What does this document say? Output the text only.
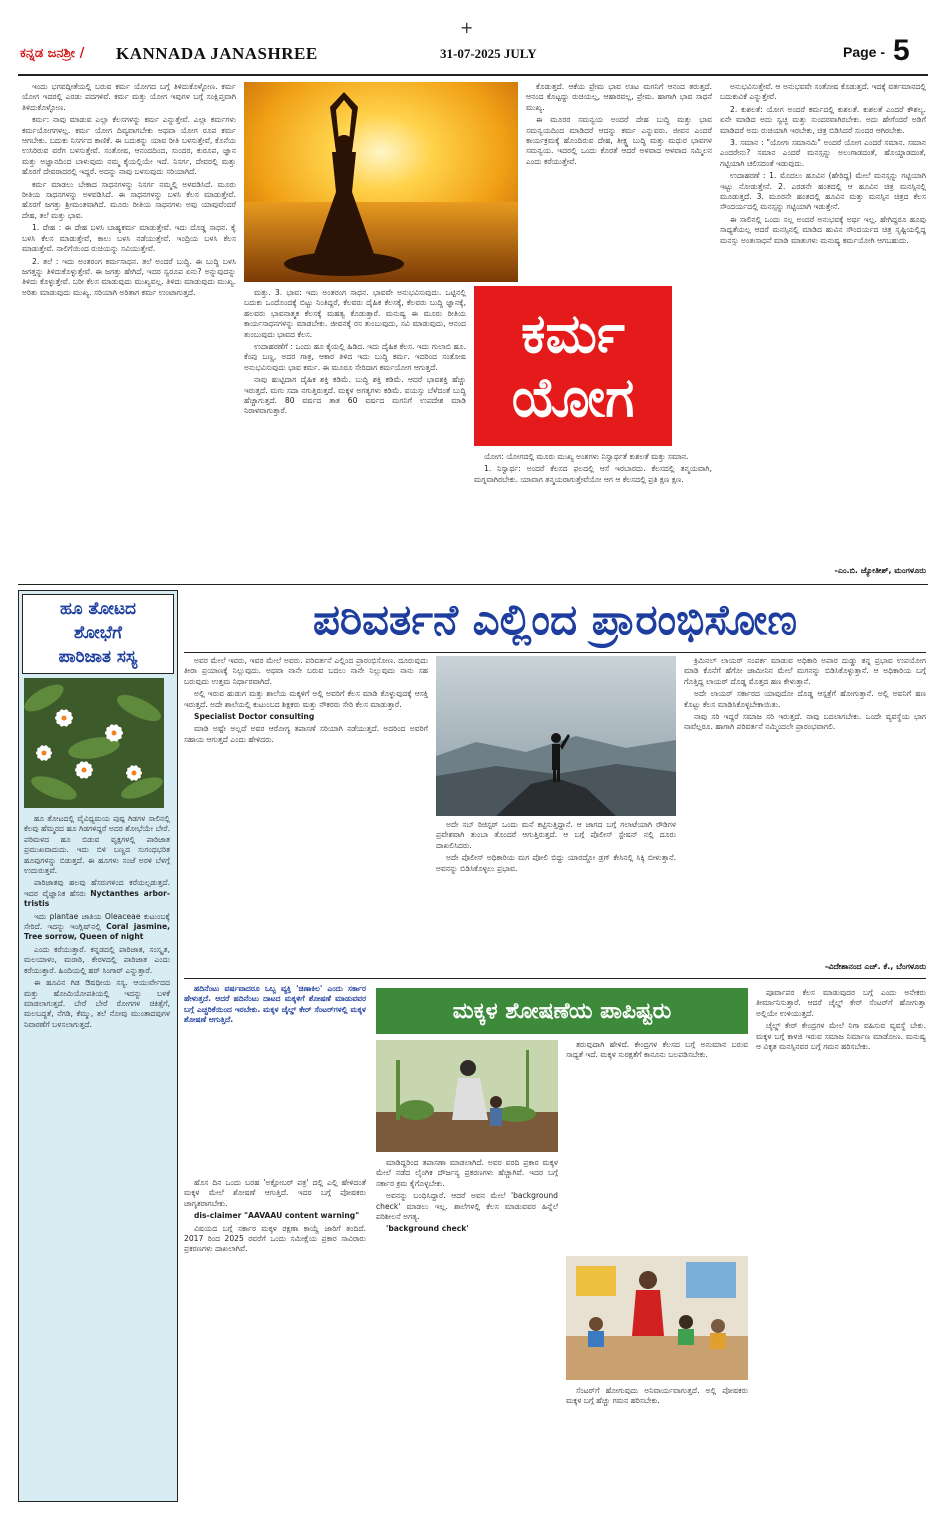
+
ಕನ್ನಡ ಜನಶ್ರೀ / KANNADA JANASHREE	31-07-2025 JULY	Page - 5

ಇಂದು ಭಗವದ್ಗೀತೆಯಲ್ಲಿ ಬರುವ ಕರ್ಮ ಯೋಗದ ಬಗ್ಗೆ ತಿಳಿದುಕೊಳ್ಳೋಣ. ಕರ್ಮ ಯೋಗ ಇದರಲ್ಲಿ ಎರಡು ಪದಗಳಿವೆ. ಕರ್ಮ ಮತ್ತು ಯೋಗ ಇವುಗಳ ಬಗ್ಗೆ ಸಂಕ್ಷಿಪ್ತವಾಗಿ ತಿಳಿದುಕೊಳ್ಳೋಣ.

ಕರ್ಮ: ನಾವು ಮಾಡುವ ಎಲ್ಲಾ ಕೆಲಸಗಳನ್ನು ಕರ್ಮ ಎನ್ನುತ್ತೇವೆ. ಎಲ್ಲಾ ಕರ್ಮಗಳು ಕರ್ಮಯೋಗಗಳಲ್ಲ. ಕರ್ಮ ಯೋಗ ದಿವ್ಯವಾಗಬೇಕು ಅಥವಾ ಯೋಗ ರೂಪ ಕರ್ಮ ಆಗಬೇಕು. ಬದುಕು ನಿಸರ್ಗದ ಕಾಣಿಕೆ. ಈ ಬದುಕನ್ನು ಯಾವ ರೀತಿ ಬಳಸುತ್ತೇವೆ, ಕೊನೆಯ ಉಸಿರಿರುವ ವರೆಗ ಬಳಸುತ್ತೇವೆ. ಸಂತೋಷ, ಆನಂದದಿಂದ, ಸುಂದರ, ಕುರೂಪ, ಜ್ಞಾನ ಮತ್ತು ಅಜ್ಞಾನದಿಂದ ಬಾಳುವುದು ನಮ್ಮ ಕೈಯಲ್ಲಿಯೇ ಇದೆ. ನಿಸರ್ಗ, ದೇವರಲ್ಲಿ ಮತ್ತು ಹೊರಗೆ ದೇವರಾದರಲ್ಲಿ ಇದ್ದರೆ. ಅದನ್ನು ನಾವು ಬಳಸುವುದು ಸರಿಯಾಗಿದೆ.

ಕರ್ಮ ಮಾಡಲು ಬೇಕಾದ ಸಾಧನಗಳನ್ನು ನಿಸರ್ಗ ನಮ್ಮಲ್ಲಿ ಅಳವಡಿಸಿದೆ. ಮೂರು ರೀತಿಯ ಸಾಧನಗಳನ್ನು ಅಳವಡಿಸಿದೆ. ಈ ಸಾಧನಗಳನ್ನು ಬಳಸಿ ಕೆಲಸ ಮಾಡುತ್ತೇವೆ. ಹೊರಗೆ ಜಗತ್ತು ಶ್ರೀಮಂತವಾಗಿದೆ. ಮೂರು ರೀತಿಯ ಸಾಧನಗಳು ಅವು ಯಾವುವೆಂದರೆ ದೇಹ, ತಲೆ ಮತ್ತು ಭಾವ.

1. ದೇಹ : ಈ ದೇಹ ಬಳಸಿ ಬಾಹ್ಯಕರ್ಮ ಮಾಡುತ್ತೇವೆ. ಇದು ದೊಡ್ಡ ಸಾಧನ. ಕೈ ಬಳಸಿ ಕೆಲಸ ಮಾಡುತ್ತೇವೆ, ಕಾಲು ಬಳಸಿ ನಡೆಯುತ್ತೇವೆ. ಇಂದ್ರಿಯ ಬಳಸಿ ಕೆಲಸ ಮಾಡುತ್ತೇವೆ. ನಾಲಿಗೆಯಿಂದ ರುಚಿಯನ್ನು ಸವಿಯುತ್ತೇವೆ.

2. ತಲೆ : ಇದು ಅಂತರಂಗ ಕರ್ಮಸಾಧನ. ತಲೆ ಅಂದರೆ ಬುದ್ಧಿ. ಈ ಬುದ್ಧಿ ಬಳಸಿ ಜಗತ್ತನ್ನು ತಿಳಿದುಕೊಳ್ಳುತ್ತೇವೆ. ಈ ಜಗತ್ತು ಹೇಗಿದೆ, ಇದರ ಸ್ವರೂಪ ಏನು? ಅನ್ನುವುದನ್ನು ತಿಳಿದು ಕೊಳ್ಳುತ್ತೇವೆ. ಬರೀ ಕೆಲಸ ಮಾಡುವುದು ಮುಖ್ಯವಲ್ಲ. ತಿಳಿದು ಮಾಡುವುದು ಮುಖ್ಯ. ಅರಿತು ಮಾಡುವುದು ಮುಖ್ಯ. ಸರಿಯಾಗಿ ಅರಿತಾಗ ಕರ್ಮ ಉಂಟಾಗುತ್ತದೆ.	ಮತ್ತು. 3. ಭಾವ: ಇದು ಅಂತರಂಗ ಸಾಧನ. ಭಾವವೇ ಅನುಭವಿಸುವುದು. ಒಟ್ಟಿನಲ್ಲಿ ಬದುಕು ಒಂದೊಂದಕ್ಕೆ ಬಿಟ್ಟು ನಿಂತಿದ್ದರೆ, ಕೆಲವರು ದೈಹಿಕ ಕೆಲಸಕ್ಕೆ, ಕೆಲವರು ಬುದ್ಧಿ ಜ್ಞಾನಕ್ಕೆ, ಹಲವರು ಭಾವನಾತ್ಮಕ ಕೆಲಸಕ್ಕೆ ಮಹತ್ವ ಕೊಡುತ್ತಾರೆ. ಮನುಷ್ಯ ಈ ಮೂರು ರೀತಿಯ ಕಾರ್ಯಸಾಧನಗಳನ್ನು ಮಾಡಬೇಕು. ಜೀವನಕ್ಕೆ ರಸ ತುಂಬುವುದು, ಸವಿ ಮಾಡುವುದು, ಆನಂದ ತುಂಬುವುದು ಭಾವದ ಕೆಲಸ.

ಉದಾಹರಣೆಗೆ : ಒಂದು ಹೂ ಕೈಯಲ್ಲಿ ಹಿಡಿದ. ಇದು ದೈಹಿಕ ಕೆಲಸ. ಇದು ಗುಲಾಬಿ ಹೂ. ಕೆಂಪು ಬಣ್ಣ, ಅದರ ಗಾತ್ರ, ಆಕಾರ ತಿಳಿದ ಇದು ಬುದ್ಧಿ ಕರ್ಮ. ಇದರಿಂದ ಸಂತೋಷ ಅನುಭವಿಸುವುದು ಭಾವ ಕರ್ಮ. ಈ ಮೂರೂ ಸೇರಿದಾಗ ಕರ್ಮಯೋಗ ಆಗುತ್ತದೆ.

ನಾವು ಹುಟ್ಟಿದಾಗ ದೈಹಿಕ ಶಕ್ತಿ ಕಡಿಮೆ. ಬುದ್ಧಿ ಶಕ್ತಿ ಕಡಿಮೆ. ಆದರೆ ಭಾವಶಕ್ತಿ ಹೆಚ್ಚು ಇರುತ್ತದೆ. ಮಗು ಸದಾ ನಗುತ್ತಿರುತ್ತದೆ. ಮಕ್ಕಳ ಅಗತ್ಯಗಳು ಕಡಿಮೆ. ವಯಸ್ಸು ಬೆಳೆದಂತೆ ಬುದ್ಧಿ ಹೆಚ್ಚಾಗುತ್ತದೆ. 80 ವರ್ಷದ ತಾತ 60 ವರ್ಷದ ಮಗನಿಗೆ ಉಪದೇಶ ಮಾಡಿ ನಿರಾಳವಾಗುತ್ತಾರೆ.

ಕರ್ಮ
ಯೋಗ

ಕೊಡುತ್ತದೆ. ಆಕೆಯ ಪ್ರೇಮ ಭಾವ ಊಟ ಮಗನಿಗೆ ಆನಂದ ತರುತ್ತದೆ. ಆನಂದ ಕೊಟ್ಟದ್ದು ರುಚಿಯಲ್ಲ, ಆಹಾರವಲ್ಲ, ಪ್ರೇಮ. ಹಾಗಾಗಿ ಭಾವ ಸಾಧನೆ ಮುಖ್ಯ.

ಈ ಮೂರರ ಸಮನ್ವಯ ಅಂದರೆ ದೇಹ ಬುದ್ಧಿ ಮತ್ತು ಭಾವ ಸಮನ್ವಯದಿಂದ ಮಾಡಿದರೆ ಆದನ್ನು ಕರ್ಮ ಎನ್ನುವರು. ಜೀವನ ಎಂದರೆ ಕಾರ್ಯಕ್ರಮಕ್ಕೆ ಹೊಂದಿರುವ ದೇಹ, ತೀಕ್ಷ್ಣ ಬುದ್ಧಿ ಮತ್ತು ಮಧುರ ಭಾವಗಳ ಸಮನ್ವಯ. ಇದರಲ್ಲಿ ಒಂದು ಕೊರತೆ ಆದರೆ ಅಳವಾದ ಆಳವಾದ ಸಮ್ಮಿಲನ ಎಂದು ಕರೆಯುತ್ತೇವೆ.

ಯೋಗ: ಯೋಗದಲ್ಲಿ ಮೂರು ಮುಖ್ಯ ಅಂಶಗಳು ನಿಸ್ವಾರ್ಥತೆ ಕುಶಲತೆ ಮತ್ತು ಸಮಾನ.

1. ನಿಸ್ವಾರ್ಥ: ಅಂದರೆ ಕೆಲಸದ ಫಲದಲ್ಲಿ ಆಸೆ ಇರಬಾರದು. ಕೆಲಸದಲ್ಲಿ ತನ್ಮಯವಾಗಿ, ಮಗ್ನವಾಗಿರಬೇಕು. ಯಾವಾಗ ತನ್ಮಯರಾಗುತ್ತೇವೆಯೋ ಆಗ ಆ ಕೆಲಸದಲ್ಲಿ ಪ್ರತಿ ಕ್ಷಣ ಕ್ಷಣ.

ಅನುಭವಿಸುತ್ತೇವೆ. ಆ ಅನುಭವವೇ ಸಂತೋಷ ಕೊಡುತ್ತದೆ. ಇದಕ್ಕೆ ವರ್ತಮಾನದಲ್ಲಿ ಬದುಕುವಿಕೆ ಎನ್ನುತ್ತೇವೆ.

2. ಕುಶಲತೆ: ಯೋಗ ಅಂದರೆ ಕರ್ಮದಲ್ಲಿ ಕುಶಲತೆ. ಕುಶಲತೆ ಎಂದರೆ ಕೌಶಲ್ಯ. ಏನೇ ಮಾಡಿದ ಅದು ಸ್ವಚ್ಛ ಮತ್ತು ಸುಂದರವಾಗಿರಬೇಕು. ಅದು ಹೇಗೆಂದರೆ ಅಡಿಗೆ ಮಾಡಿದರೆ ಅದು ರುಚಿಯಾಗಿ ಇರಬೇಕು, ಚಿತ್ರ ಬಿಡಿಸಿದರೆ ಸುಂದರ ಆಗಿರಬೇಕು.

3. ಸಮಾನ : "ಯೋಗಃ ಸಮಾನಮಿ" ಅಂದರೆ ಯೋಗ ಎಂದರೆ ಸಮಾನ. ಸಮಾನ ಎಂದರೇನು? ಸಮಾನ ಎಂದರೆ ಮನಸ್ಸನ್ನು ಅಲುಗಾಡದಂತೆ, ಹೊಯ್ದಾಡದಂತೆ, ಗಟ್ಟಿಯಾಗಿ ಚಲಿಸದಂತೆ ಇಡುವುದು.

ಉದಾಹರಣೆ : 1. ಮೊದಲು ಹೂವಿನ (ಹೇರಿದ್ದ) ಮೇಲೆ ಮನಸ್ಸನ್ನು ಗಟ್ಟಿಯಾಗಿ ಇಟ್ಟು ನೋಡುತ್ತೇನೆ. 2. ಎರಡನೇ ಹಂತದಲ್ಲಿ ಆ ಹೂವಿನ ಚಿತ್ರ ಮನಸ್ಸಿನಲ್ಲಿ ಮೂಡುತ್ತದೆ. 3. ಮೂರನೇ ಹಂತದಲ್ಲಿ ಹೂವಿನ ಮತ್ತು ಮನಸ್ಸಿನ ಚಿತ್ರದ ಕೆಲಸ ಸೌಂದರ್ಯದಲ್ಲಿ ಮನಸ್ಸನ್ನು ಗಟ್ಟಿಯಾಗಿ ಇಡುತ್ತೇನೆ.

ಈ ಸಾಲಿನಲ್ಲಿ ಒಂದು ಸಲ್ಲ ಅಂದರೆ ಅನುಭವಕ್ಕೆ ಅರ್ಥ ಇಲ್ಲ. ಹೇಗಿದ್ದರೂ ಹೂವು ಸಾಧ್ಯತೆಯಲ್ಲ ಆದರೆ ಮನಸ್ಸಿನಲ್ಲಿ ಮಾಡಿದ ಹುವಿನ ಸೌಂದರ್ಯದ ಚಿತ್ರ ಸೃಷ್ಟಿಯಲ್ಲಿದ್ದ ಮನಸ್ಸು ಅಂತಃಸಾಧನೆ ಮಾಡಿ ಮಾತುಗಳು ಮನುಷ್ಯ ಕರ್ಮಯೋಗಿ ಆಗಬಹುದು.

-ಎಂ.ಬಿ. ಜ್ಯೋತೀಶ್, ಮಂಗಳೂರು
ಹೂ ತೋಟದ
ಶೋಭೆಗೆ
ಪಾರಿಜಾತ ಸಸ್ಯ

ಹೂ ತೋಟದಲ್ಲಿ ವೈವಿಧ್ಯಮಯ ಪುಷ್ಪ ಗಿಡಗಳ ಸಾಲಿನಲ್ಲಿ ಕೆಲವು ಹೆಮ್ಮರದ ಹೂ ಗಿಡಗಳಿದ್ದರೆ ಅದರ ಶೋಭೆಯೇ ಬೇರೆ. ಪರಿಮಳದ ಹೂ ಬಿಡುವ ವೃಕ್ಷಗಳಲ್ಲಿ ಪಾರಿಜಾತ ಪ್ರಮುಖವಾದುದು. ಇದು ಬಿಳಿ ಬಣ್ಣದ ಸುಗಂಧಭರಿತ ಹೂವುಗಳನ್ನು ಬಿಡುತ್ತದೆ. ಈ ಹೂಗಳು ಸಂಜೆ ಅರಳಿ ಬೆಳಗ್ಗೆ ಉದುರುತ್ತವೆ.

ಪಾರಿಜಾತವು ಹಲವು ಹೆಸರುಗಳಿಂದ ಕರೆಯಲ್ಪಡುತ್ತದೆ. ಇದರ ವೈಜ್ಞಾನಿಕ ಹೆಸರು Nyctanthes arbor-tristis

ಇದು plantae ಜಾತಿಯ Oleaceae ಕುಟುಂಬಕ್ಕೆ ಸೇರಿದೆ. ಇದನ್ನು ಇಂಗ್ಲಿಷ್‌ನಲ್ಲಿ Coral jasmine, Tree sorrow, Queen of night

ಎಂದು ಕರೆಯುತ್ತಾರೆ. ಕನ್ನಡದಲ್ಲಿ ಪಾರಿಜಾತ, ಸಂಸ್ಕೃತ, ಮಲಯಾಳಂ, ಮರಾಠಿ, ಕೇರಳದಲ್ಲಿ ಪಾರಿಜಾತ ಎಂದು ಕರೆಯುತ್ತಾರೆ. ಹಿಂದಿಯಲ್ಲಿ ಹರ್ ಸಿಂಗಾರ್ ಎನ್ನುತ್ತಾರೆ.

ಈ ಹೂವಿನ ಗಿಡ ಔಷಧೀಯ ಸಸ್ಯ. ಆಯುರ್ವೇದದ ಮತ್ತು ಹೋಮಿಯೋಪತಿಯಲ್ಲಿ ಇದನ್ನು ಬಳಕೆ ಮಾಡಲಾಗುತ್ತದೆ. ಬೇರೆ ಬೇರೆ ರೋಗಗಳ ಚಿಕಿತ್ಸೆಗೆ, ಮಲಬದ್ಧತೆ, ನೆಗಡಿ, ಕೆಮ್ಮು, ತಲೆ ನೋವು ಮುಂತಾದವುಗಳ ನಿವಾರಣೆಗೆ ಬಳಸಲಾಗುತ್ತದೆ.

ಪರಿವರ್ತನೆ ಎಲ್ಲಿಂದ ಪ್ರಾರಂಭಿಸೋಣ

ಅವರ ಮೇಲೆ ಇವರು, ಇವರ ಮೇಲೆ ಅವರು. ಪರಿವರ್ತನೆ ಎಲ್ಲಿಂದ ಪ್ರಾರಂಭಿಸೋಣ. ದೂರುವುದು ತೀರಾ ಪ್ರಯಾಣಕ್ಕೆ ನಿಲ್ಲುವುದು. ಅಥವಾ ನಾನೇ ಬರುವ ಬದಲು ನಾನೇ ನಿಲ್ಲುವುದು ನಾನು ಸಹ ಬರುವುದು ಉತ್ತಮ ನಿರ್ಧಾರವಾಗಿದೆ.

ಅಲ್ಲಿ ಇರುವ ಹುಡುಗ ಮತ್ತು ಶಾಲೆಯ ಮಕ್ಕಳಿಗೆ ಅಲ್ಲಿ ಅವರಿಗೆ ಕೆಲಸ ಮಾಡಿ ಕೊಳ್ಳುವುದಕ್ಕೆ ಆಸಕ್ತಿ ಇರುತ್ತದೆ. ಅದೇ ಶಾಲೆಯಲ್ಲಿ ಕುಟುಂಬದ ಶಿಕ್ಷಕರು ಮತ್ತು ನೌಕರರು ಸೇರಿ ಕೆಲಸ ಮಾಡುತ್ತಾರೆ.

Specialist Doctor consulting

ಮಾಡಿ ಅಷ್ಟೇ ಅಲ್ಲದೆ ಅವರ ಆರೋಗ್ಯ ತಪಾಸಣೆ ಸರಿಯಾಗಿ ನಡೆಯುತ್ತದೆ. ಅದರಿಂದ ಅವರಿಗೆ ಸಹಾಯ ಆಗುತ್ತದೆ ಎಂದು ಹೇಳಿದರು.

ಅದೇ ಸಬ್ ರಿಜಿಸ್ಟರ್ ಒಂದು ಮನೆ ಕಟ್ಟಿಸುತ್ತಿದ್ದಾನೆ. ಆ ಜಾಗದ ಬಗ್ಗೆ ಗಲಾಟೆಯಾಗಿ ರೌಡಿಗಳ ಪ್ರವೇಶವಾಗಿ ತುಂಬಾ ತೊಂದರೆ ಆಗುತ್ತಿರುತ್ತದೆ. ಆ ಬಗ್ಗೆ ಪೊಲೀಸ್ ಸ್ಟೇಷನ್ ನಲ್ಲಿ ದೂರು ದಾಖಲಿಸಿದರು.

ಅದೇ ಪೊಲೀಸ್ ಅಧಿಕಾರಿಯ ಮಗ ಪೋಲಿ ಬಿದ್ದು ಯಾರದ್ದೋ ಡ್ರಗ್ ಕೇಸಿನಲ್ಲಿ ಸಿಕ್ಕಿ ಬೀಳುತ್ತಾನೆ. ಅವನನ್ನು ಬಿಡಿಸಿಕೊಳ್ಳಲು ಪ್ರಭಾವ.

ಕ್ರಿಮಿನಲ್ ಲಾಯರ್ ಸಂಪರ್ಕ ಮಾಡುವ ಅಧಿಕಾರಿ ಅಪಾರ ದುಡ್ಡು ತನ್ನ ಪ್ರಭಾವ ಉಪಯೋಗ ಮಾಡಿ ಕೊನೆಗೆ ಹೆಗೋ ಜಾಮೀನಿನ ಮೇಲೆ ಮಗನನ್ನು ಬಿಡಿಸಿಕೊಳ್ಳುತ್ತಾನೆ. ಆ ಅಧಿಕಾರಿಯ ಬಗ್ಗೆ ಗೊತ್ತಿದ್ದ ಲಾಯರ್ ದೊಡ್ಡ ಮೊತ್ತದ ಹಣ ಕೇಳುತ್ತಾನೆ.

ಅದೇ ಲಾಯರ್ ಸರ್ಕಾರದ ಯಾವುದೋ ದೊಡ್ಡ ಆಸ್ಪತ್ರೆಗೆ ಹೋಗುತ್ತಾನೆ. ಅಲ್ಲಿ ಅವನಿಗೆ ಹಣ ಕೊಟ್ಟು ಕೆಲಸ ಮಾಡಿಸಿಕೊಳ್ಳಬೇಕಾಯಿತು.

ನಾವು ಸರಿ ಇದ್ದರೆ ಸಮಾಜ ಸರಿ ಇರುತ್ತದೆ. ನಾವು ಬದಲಾಗಬೇಕು. ಒಂದೇ ವ್ಯವಸ್ಥೆಯ ಭಾಗ ನಾವೆಲ್ಲರೂ. ಹಾಗಾಗಿ ಪರಿವರ್ತನೆ ನಮ್ಮಿಂದಲೇ ಪ್ರಾರಂಭವಾಗಲಿ.

-ವಿದೇಶಾನಂದ ಎಚ್. ಕೆ., ಬೆಂಗಳೂರು

ಹದಿನೆಂಟು ವರ್ಷವಾದರೂ ಒಬ್ಬ ವ್ಯಕ್ತಿ 'ಚಿಣಾಕಿಲ' ಎಂದು ಸರ್ಕಾರ ಹೇಳುತ್ತದೆ. ಆದರೆ ಹದಿನೆಂಟು ದಾಟದ ಮಕ್ಕಳಿಗೆ ಶೋಷಣೆ ಮಾಡುವವರ ಬಗ್ಗೆ ಎಚ್ಚರಿಕೆಯಿಂದ ಇರಬೇಕು. ಮಕ್ಕಳ ಚೈಲ್ಡ್ ಕೇರ್ ಸೆಂಟರ್‌ಗಳಲ್ಲಿ ಮಕ್ಕಳ ಶೋಷಣೆ ಆಗುತ್ತಿದೆ.

ಹೊಸ ದಿನ ಒಂದು ಬರಹ 'ಅಕ್ಟೋಬರ್ ಪತ್ರ' ದಲ್ಲಿ ಎಲ್ಲಿ ಹೇಳಿದಂತೆ ಮಕ್ಕಳ ಮೇಲೆ ಶೋಷಣೆ ಆಗುತ್ತಿದೆ. ಇದರ ಬಗ್ಗೆ ಪೋಷಕರು ಜಾಗೃತರಾಗಬೇಕು.

dis-claimer "AAVAAU content warning"

ವಿಷಯದ ಬಗ್ಗೆ ಸರ್ಕಾರ ಮಕ್ಕಳ ರಕ್ಷಣಾ ಕಾಯ್ದೆ ಜಾರಿಗೆ ತಂದಿದೆ. 2017 ರಿಂದ 2025 ರವರೆಗೆ ಒಂದು ಸಮೀಕ್ಷೆಯ ಪ್ರಕಾರ ಸಾವಿರಾರು ಪ್ರಕರಣಗಳು ದಾಖಲಾಗಿವೆ.

ಮಕ್ಕಳ ಶೋಷಣೆಯ ಪಾಪಿಷ್ಟರು

ಮಾಡಿದ್ದರಿಂದ ತಪಾಸಣಾ ಮಾಡಲಾಗಿದೆ. ಅವರ ವರದಿ ಪ್ರಕಾರ ಮಕ್ಕಳ ಮೇಲೆ ನಡೆದ ಲೈಂಗಿಕ ದೌರ್ಜನ್ಯ ಪ್ರಕರಣಗಳು ಹೆಚ್ಚಾಗಿವೆ. ಇದರ ಬಗ್ಗೆ ಸರ್ಕಾರ ಕ್ರಮ ಕೈಗೊಳ್ಳಬೇಕು.

ಅವನನ್ನು ಬಂಧಿಸಿದ್ದಾರೆ. ಆದರೆ ಅವನ ಮೇಲೆ 'background check' ಮಾಡಲು ಇಲ್ಲ. ಶಾಲೆಗಳಲ್ಲಿ ಕೆಲಸ ಮಾಡುವವರ ಹಿನ್ನೆಲೆ ಪರಿಶೀಲನೆ ಅಗತ್ಯ.

'background check'

ತರುವುದಾಗಿ ಹೇಳಿದೆ. ಕೇಂದ್ರಗಳ ಕೆಲಸದ ಬಗ್ಗೆ ಅನುಮಾನ ಬರುವ ಸಾಧ್ಯತೆ ಇದೆ. ಮಕ್ಕಳ ಸುರಕ್ಷತೆಗೆ ಕಾನೂನು ಬಲಪಡಿಸಬೇಕು.

ಸೆಂಟರ್‌ಗೆ ಹೋಗುವುದು ಅನಿವಾರ್ಯವಾಗುತ್ತದೆ. ಅಲ್ಲಿ ಪೋಷಕರು ಮಕ್ಕಳ ಬಗ್ಗೆ ಹೆಚ್ಚು ಗಮನ ಹರಿಸಬೇಕು.

ಪೂರ್ವಾಪರ ಕೆಲಸ ಮಾಡುವುದರ ಬಗ್ಗೆ ಎಂದು ಅನೇಕರು ತೀರ್ಮಾನಿಸುತ್ತಾರೆ. ಆದರೆ ಚೈಲ್ಡ್ ಕೇರ್ ಸೆಂಟರ್‌ಗೆ ಹೋಗುತ್ತಾ ಅಲ್ಲಿಯೇ ಉಳಿಯುತ್ತದೆ.

ಚೈಲ್ಡ್ ಕೇರ್ ಕೇಂದ್ರಗಳ ಮೇಲೆ ನಿಗಾ ವಹಿಸುವ ವ್ಯವಸ್ಥೆ ಬೇಕು. ಮಕ್ಕಳ ಬಗ್ಗೆ ಕಾಳಜಿ ಇರುವ ಸಮಾಜ ನಿರ್ಮಾಣ ಮಾಡೋಣ. ಮನುಷ್ಯ ಆ ವಿಕೃತ ಮನಸ್ಸಿನವರ ಬಗ್ಗೆ ಗಮನ ಹರಿಸಬೇಕು.
